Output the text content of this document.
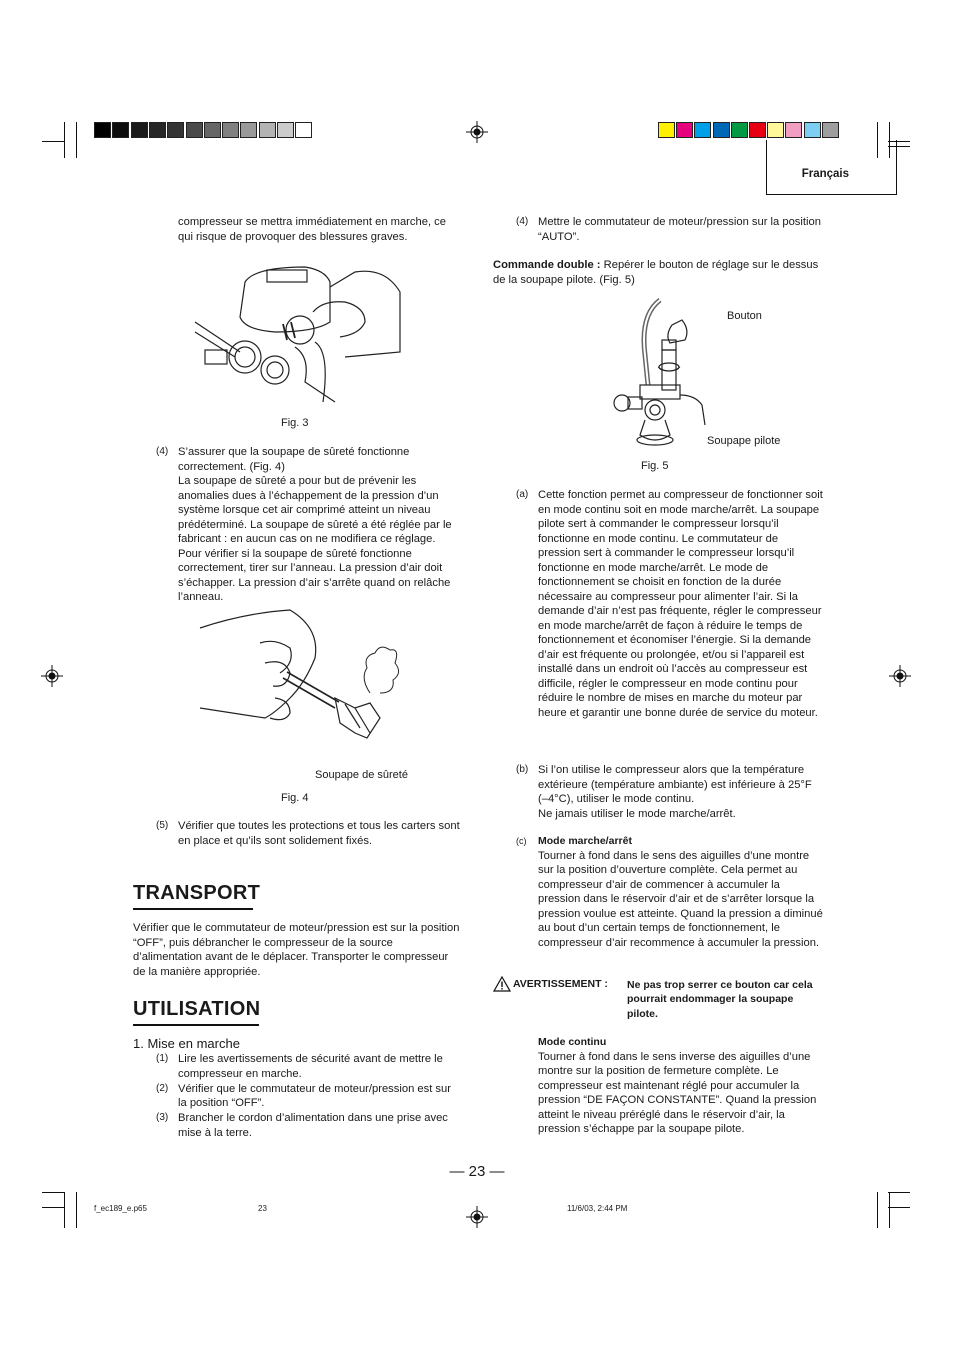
Français
compresseur se mettra immédiatement en marche, ce qui risque de provoquer des blessures graves.
Fig. 3
(4) S’assurer que la soupape de sûreté fonctionne correctement. (Fig. 4)
La soupape de sûreté a pour but de prévenir les anomalies dues à l’échappement de la pression d’un système lorsque cet air comprimé atteint un niveau prédéterminé. La soupape de sûreté a été réglée par le fabricant : en aucun cas on ne modifiera ce réglage. Pour vérifier si la soupape de sûreté fonctionne correctement, tirer sur l’anneau. La pression d’air doit s’échapper. La pression d’air s’arrête quand on relâche l’anneau.
Soupape de sûreté
Fig. 4
(5) Vérifier que toutes les protections et tous les carters sont en place et qu’ils sont solidement fixés.
TRANSPORT
Vérifier que le commutateur de moteur/pression est sur la position “OFF”, puis débrancher le compresseur de la source d’alimentation avant de le déplacer. Transporter le compresseur de la manière appropriée.
UTILISATION
1. Mise en marche
(1) Lire les avertissements de sécurité avant de mettre le compresseur en marche.
(2) Vérifier que le commutateur de moteur/pression est sur la position “OFF”.
(3) Brancher le cordon d’alimentation dans une prise avec mise à la terre.
(4) Mettre le commutateur de moteur/pression sur la position “AUTO”.
Commande double : Repérer le bouton de réglage sur le dessus de la soupape pilote. (Fig. 5)
Bouton
Soupape pilote
Fig. 5
(a) Cette fonction permet au compresseur de fonctionner soit en mode continu soit en mode marche/arrêt. La soupape pilote sert à commander le compresseur lorsqu’il fonctionne en mode continu. Le commutateur de pression sert à commander le compresseur lorsqu’il fonctionne en mode marche/arrêt. Le mode de fonctionnement se choisit en fonction de la durée nécessaire au compresseur pour alimenter l’air. Si la demande d’air n’est pas fréquente, régler le compresseur en mode marche/arrêt de façon à réduire le temps de fonctionnement et économiser l’énergie. Si la demande d’air est fréquente ou prolongée, et/ou si l’appareil est installé dans un endroit où l’accès au compresseur est difficile, régler le compresseur en mode continu pour réduire le nombre de mises en marche du moteur par heure et garantir une bonne durée de service du moteur.
(b) Si l’on utilise le compresseur alors que la température extérieure (température ambiante) est inférieure à 25°F (–4°C), utiliser le mode continu.
Ne jamais utiliser le mode marche/arrêt.
(c) Mode marche/arrêt
Tourner à fond dans le sens des aiguilles d’une montre sur la position d’ouverture complète. Cela permet au compresseur d’air de commencer à accumuler la pression dans le réservoir d’air et de s’arrêter lorsque la pression voulue est atteinte. Quand la pression a diminué au bout d’un certain temps de fonctionnement, le compresseur d’air recommence à accumuler la pression.
AVERTISSEMENT : Ne pas trop serrer ce bouton car cela pourrait endommager la soupape pilote.
Mode continu
Tourner à fond dans le sens inverse des aiguilles d’une montre sur la position de fermeture complète. Le compresseur est maintenant réglé pour accumuler la pression “DE FAÇON CONSTANTE”. Quand la pression atteint le niveau préréglé dans le réservoir d’air, la pression s’échappe par la soupape pilote.
— 23 —
f_ec189_e.p65	23	11/6/03, 2:44 PM
